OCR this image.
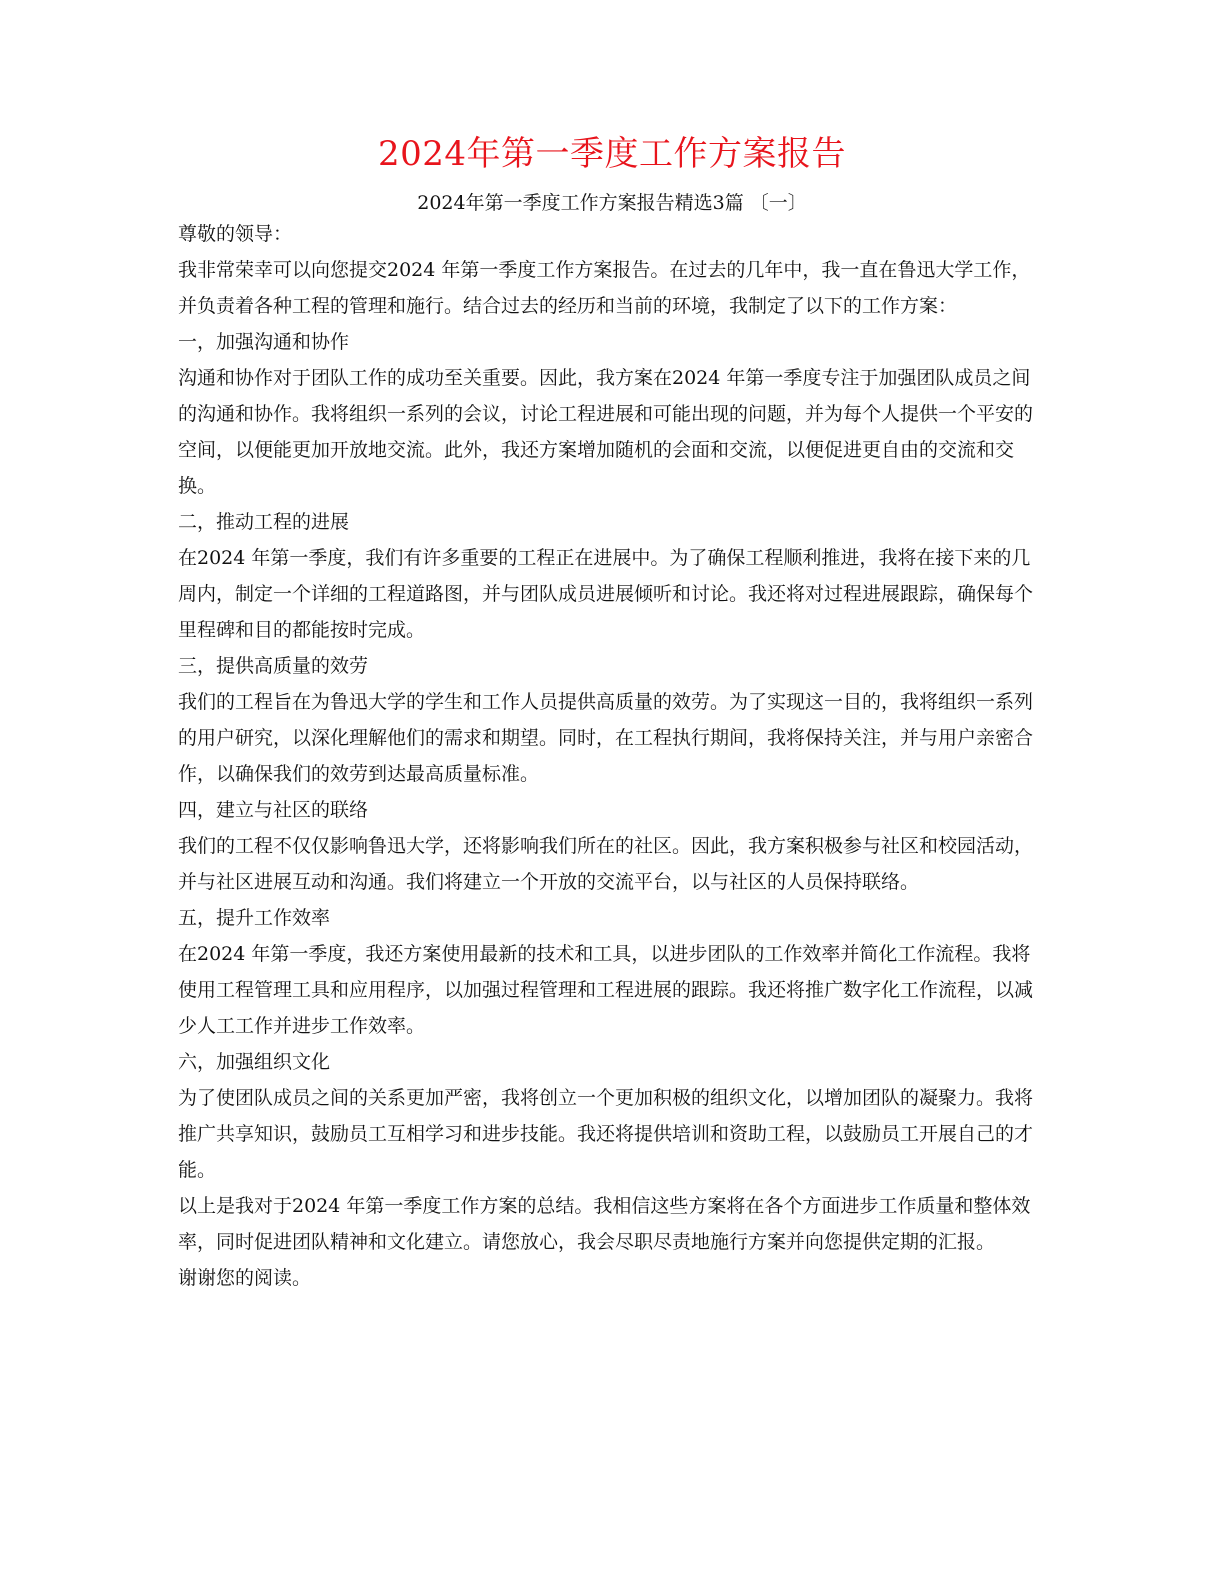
2024年第一季度工作方案报告
2024年第一季度工作方案报告精选3篇 〔一〕

尊敬的领导：

我非常荣幸可以向您提交2024 年第一季度工作方案报告。在过去的几年中，我一直在鲁迅大学工作，并负责着各种工程的管理和施行。结合过去的经历和当前的环境，我制定了以下的工作方案：

一，加强沟通和协作

沟通和协作对于团队工作的成功至关重要。因此，我方案在2024 年第一季度专注于加强团队成员之间的沟通和协作。我将组织一系列的会议，讨论工程进展和可能出现的问题，并为每个人提供一个平安的空间，以便能更加开放地交流。此外，我还方案增加随机的会面和交流，以便促进更自由的交流和交换。

二，推动工程的进展

在2024 年第一季度，我们有许多重要的工程正在进展中。为了确保工程顺利推进，我将在接下来的几周内，制定一个详细的工程道路图，并与团队成员进展倾听和讨论。我还将对过程进展跟踪，确保每个里程碑和目的都能按时完成。

三，提供高质量的效劳

我们的工程旨在为鲁迅大学的学生和工作人员提供高质量的效劳。为了实现这一目的，我将组织一系列的用户研究，以深化理解他们的需求和期望。同时，在工程执行期间，我将保持关注，并与用户亲密合作，以确保我们的效劳到达最高质量标准。

四，建立与社区的联络

我们的工程不仅仅影响鲁迅大学，还将影响我们所在的社区。因此，我方案积极参与社区和校园活动，并与社区进展互动和沟通。我们将建立一个开放的交流平台，以与社区的人员保持联络。

五，提升工作效率

在2024 年第一季度，我还方案使用最新的技术和工具，以进步团队的工作效率并简化工作流程。我将使用工程管理工具和应用程序，以加强过程管理和工程进展的跟踪。我还将推广数字化工作流程，以减少人工工作并进步工作效率。

六，加强组织文化

为了使团队成员之间的关系更加严密，我将创立一个更加积极的组织文化，以增加团队的凝聚力。我将推广共享知识，鼓励员工互相学习和进步技能。我还将提供培训和资助工程，以鼓励员工开展自己的才能。

以上是我对于2024 年第一季度工作方案的总结。我相信这些方案将在各个方面进步工作质量和整体效率，同时促进团队精神和文化建立。请您放心，我会尽职尽责地施行方案并向您提供定期的汇报。

谢谢您的阅读。
